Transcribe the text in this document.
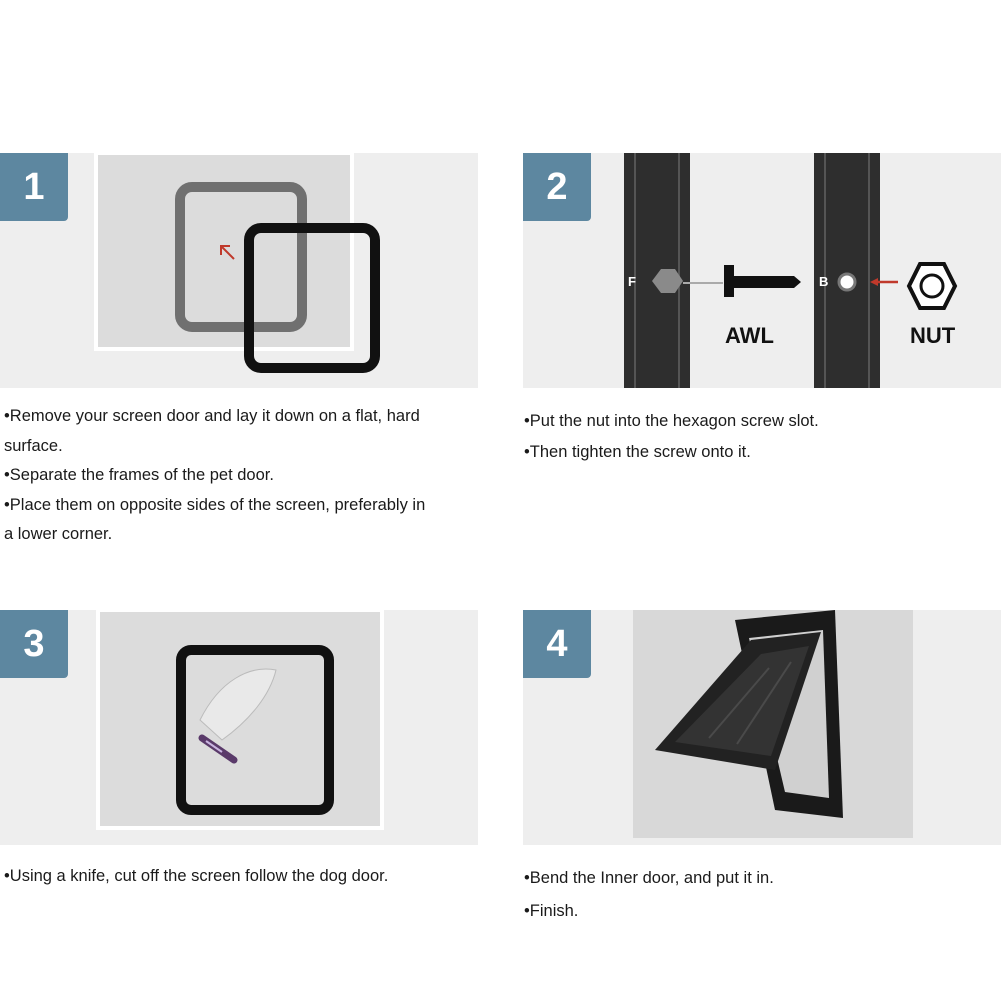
1
•Remove your screen door and lay it down on a flat, hard
surface.
•Separate the frames of the pet door.
•Place them on opposite sides of the screen, preferably in
a lower corner.
2
F	B
AWL	NUT
•Put the nut into the hexagon screw slot.
•Then tighten the screw onto it.
3
•Using a knife, cut off the screen follow the dog door.
4
•Bend the Inner door, and put it in.
•Finish.
